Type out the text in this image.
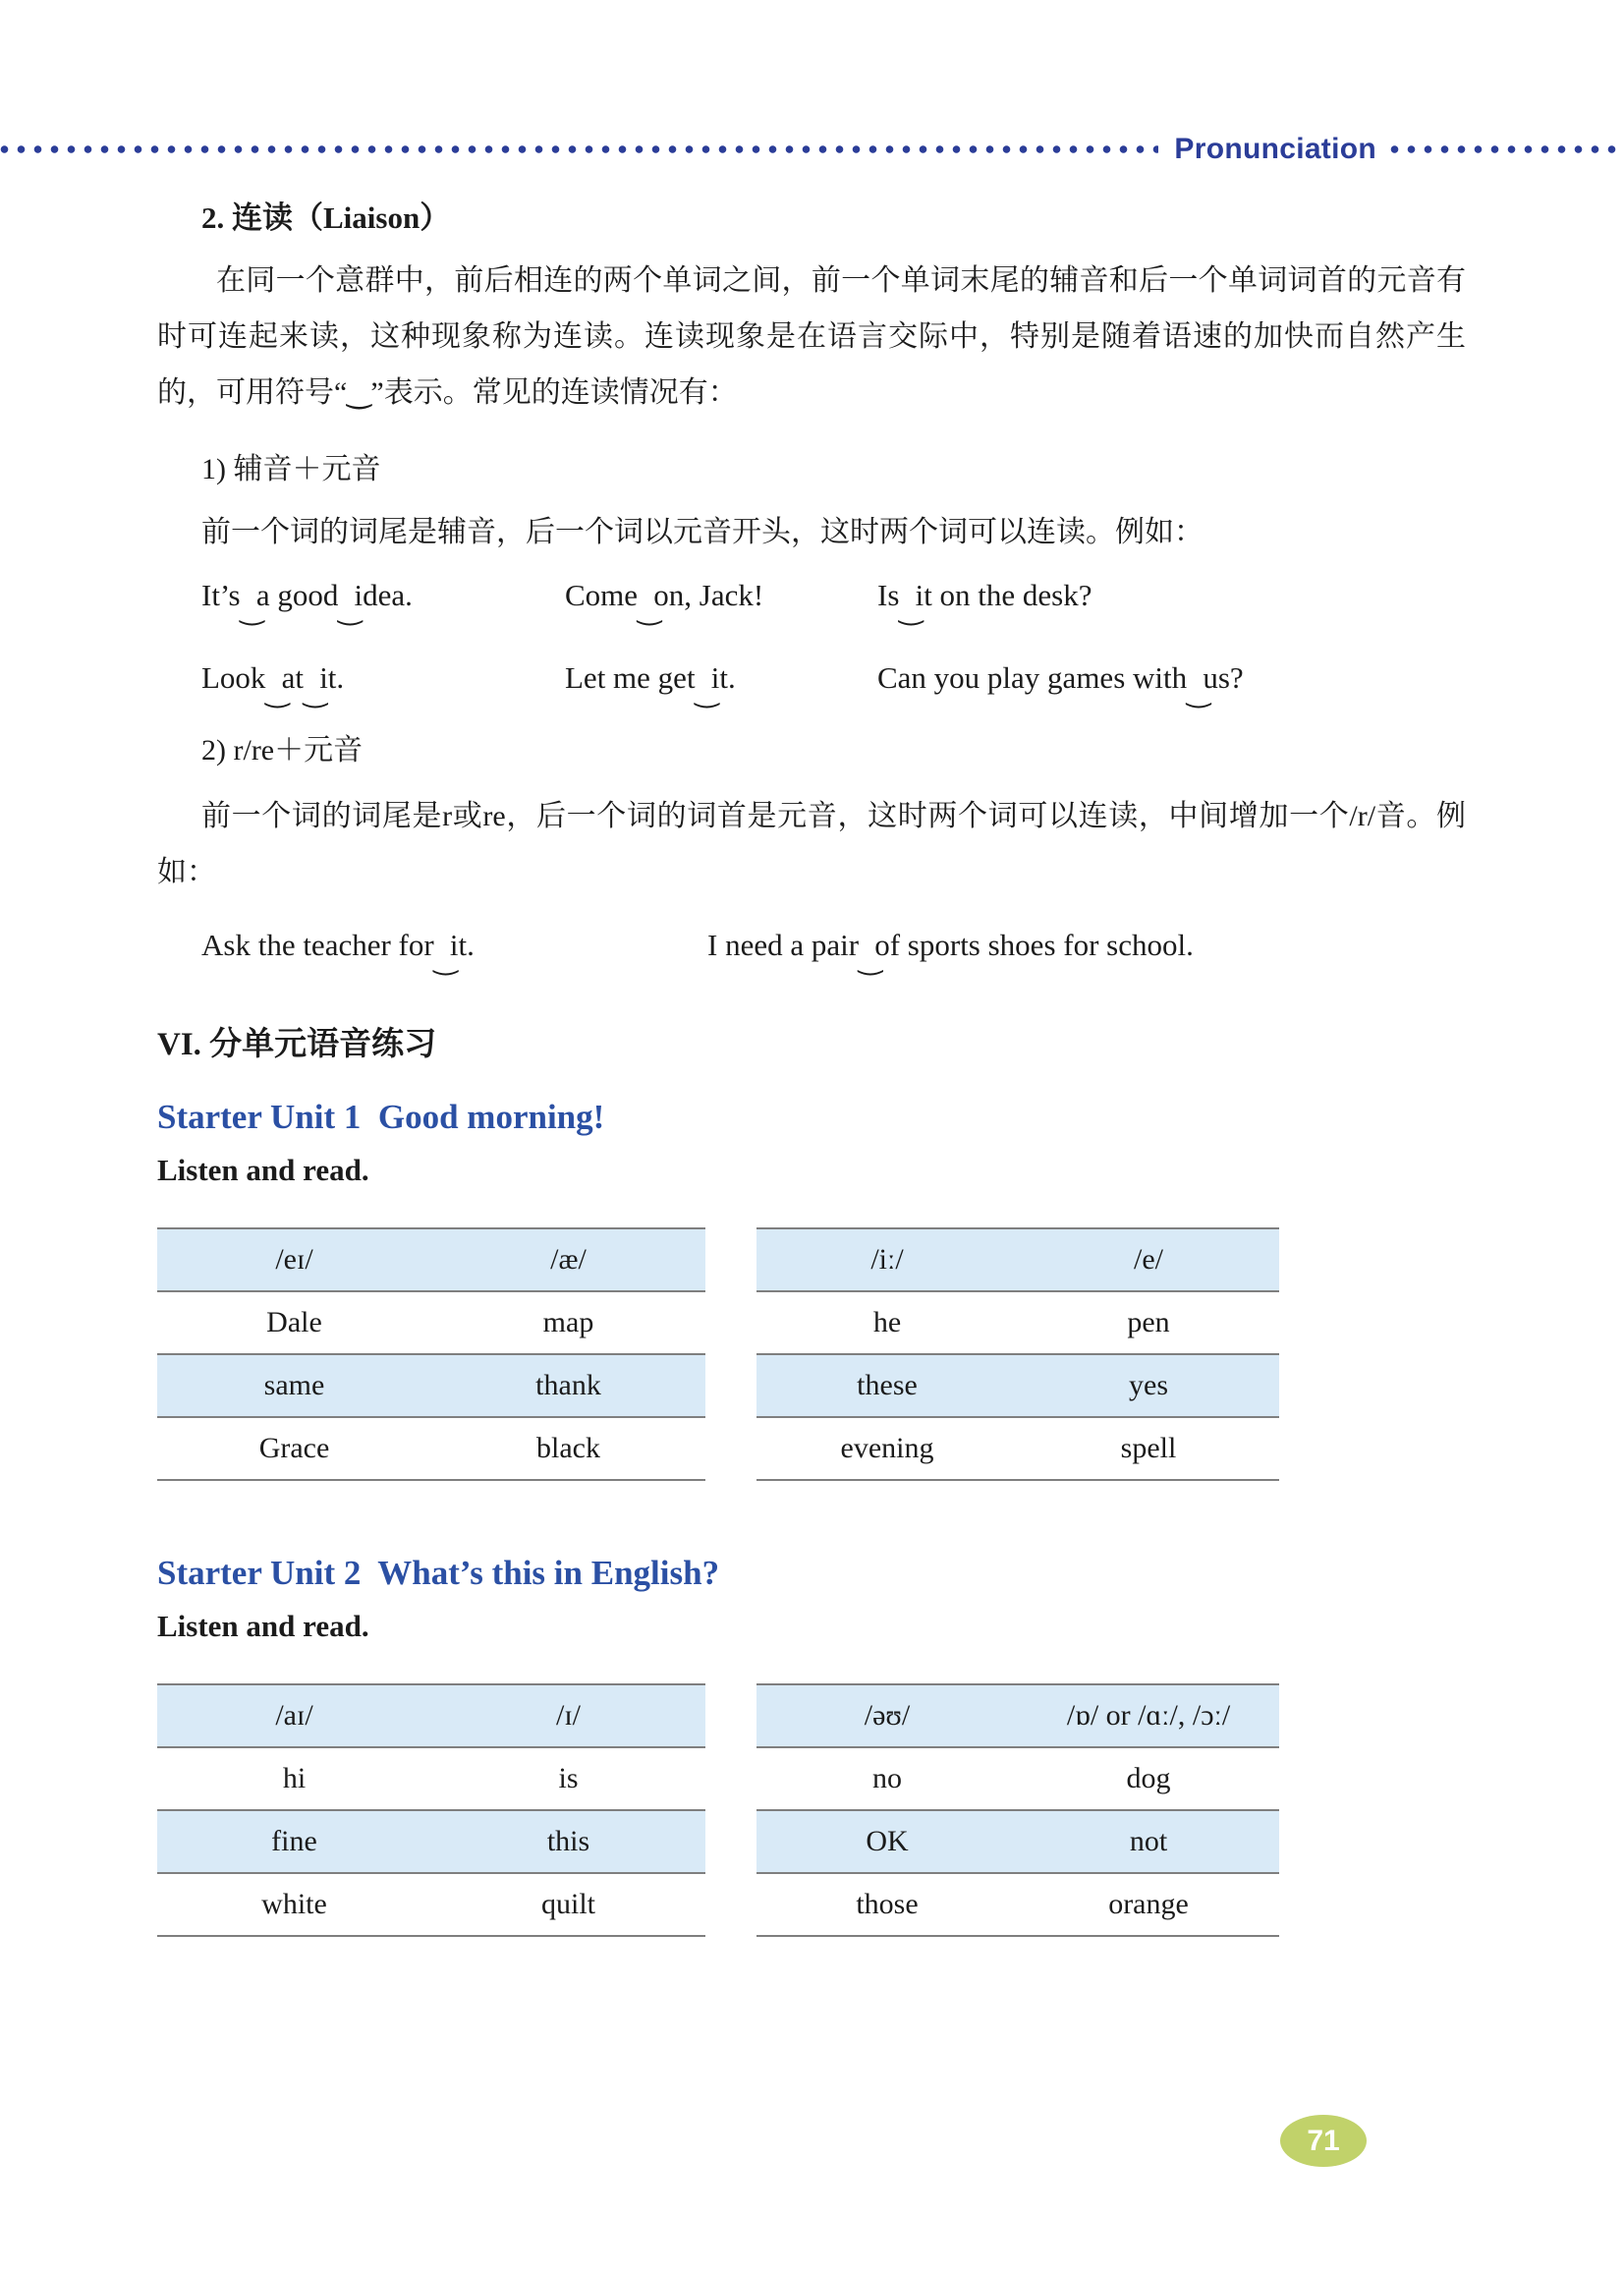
Pronunciation
2. 连读（Liaison）

在同一个意群中，前后相连的两个单词之间，前一个单词末尾的辅音和后一个单词词首的元音有时可连起来读，这种现象称为连读。连读现象是在语言交际中，特别是随着语速的加快而自然产生的，可用符号“‿”表示。常见的连读情况有：

1) 辅音＋元音
前一个词的词尾是辅音，后一个词以元音开头，这时两个词可以连读。例如：
It’s‿a good‿idea.	Come‿on, Jack!	Is‿it on the desk?
Look‿at‿it.	Let me get‿it.	Can you play games with‿us?
2) r/re＋元音
前一个词的词尾是r或re，后一个词的词首是元音，这时两个词可以连读，中间增加一个/r/音。例如：
Ask the teacher for‿it.	I need a pair‿of sports shoes for school.
VI. 分单元语音练习
Starter Unit 1  Good morning!
Listen and read.
/eɪ/	/æ/
Dale	map
same	thank
Grace	black
/iː/	/e/
he	pen
these	yes
evening	spell
Starter Unit 2  What’s this in English?
Listen and read.
/aɪ/	/ɪ/
hi	is
fine	this
white	quilt
/əʊ/	/ɒ/ or /ɑː/, /ɔː/
no	dog
OK	not
those	orange
71
